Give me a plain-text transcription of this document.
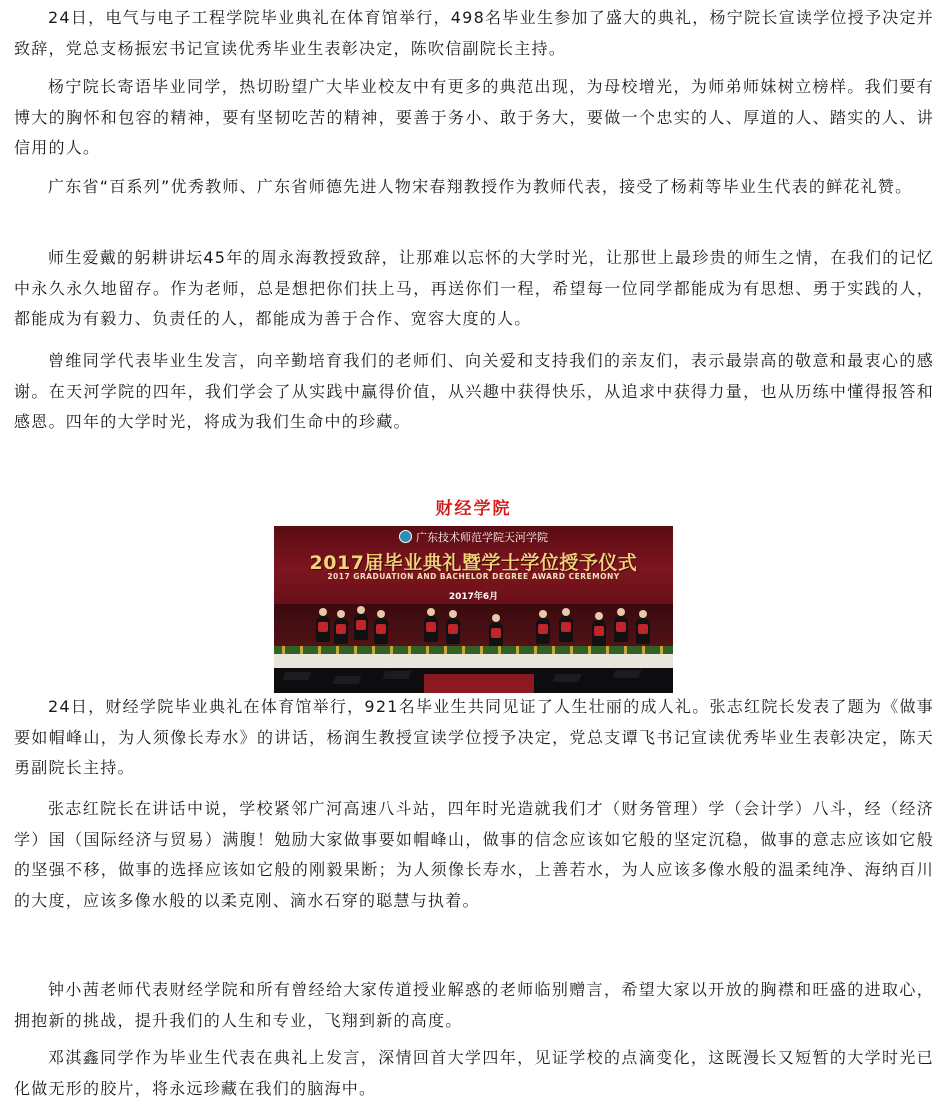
24日，电气与电子工程学院毕业典礼在体育馆举行，498名毕业生参加了盛大的典礼，杨宁院长宣读学位授予决定并致辞，党总支杨振宏书记宣读优秀毕业生表彰决定，陈吹信副院长主持。

杨宁院长寄语毕业同学，热切盼望广大毕业校友中有更多的典范出现，为母校增光，为师弟师妹树立榜样。我们要有博大的胸怀和包容的精神，要有坚韧吃苦的精神，要善于务小、敢于务大，要做一个忠实的人、厚道的人、踏实的人、讲信用的人。

广东省“百系列”优秀教师、广东省师德先进人物宋春翔教授作为教师代表，接受了杨莉等毕业生代表的鲜花礼赞。

师生爱戴的躬耕讲坛45年的周永海教授致辞，让那难以忘怀的大学时光，让那世上最珍贵的师生之情，在我们的记忆中永久永久地留存。作为老师，总是想把你们扶上马，再送你们一程，希望每一位同学都能成为有思想、勇于实践的人，都能成为有毅力、负责任的人，都能成为善于合作、宽容大度的人。

曾维同学代表毕业生发言，向辛勤培育我们的老师们、向关爱和支持我们的亲友们，表示最崇高的敬意和最衷心的感谢。在天河学院的四年，我们学会了从实践中赢得价值，从兴趣中获得快乐，从追求中获得力量，也从历练中懂得报答和感恩。四年的大学时光，将成为我们生命中的珍藏。

财经学院
广东技术师范学院天河学院
2017届毕业典礼暨学士学位授予仪式
2017 GRADUATION AND BACHELOR DEGREE AWARD CEREMONY
2017年6月

24日，财经学院毕业典礼在体育馆举行，921名毕业生共同见证了人生壮丽的成人礼。张志红院长发表了题为《做事要如帽峰山，为人须像长寿水》的讲话，杨润生教授宣读学位授予决定，党总支谭飞书记宣读优秀毕业生表彰决定，陈天勇副院长主持。

张志红院长在讲话中说，学校紧邻广河高速八斗站，四年时光造就我们才（财务管理）学（会计学）八斗，经（经济学）国（国际经济与贸易）满腹！勉励大家做事要如帽峰山，做事的信念应该如它般的坚定沉稳，做事的意志应该如它般的坚强不移，做事的选择应该如它般的刚毅果断；为人须像长寿水，上善若水，为人应该多像水般的温柔纯净、海纳百川的大度，应该多像水般的以柔克刚、滴水石穿的聪慧与执着。

钟小茜老师代表财经学院和所有曾经给大家传道授业解惑的老师临别赠言，希望大家以开放的胸襟和旺盛的进取心，拥抱新的挑战，提升我们的人生和专业，飞翔到新的高度。

邓淇鑫同学作为毕业生代表在典礼上发言，深情回首大学四年，见证学校的点滴变化，这既漫长又短暂的大学时光已化做无形的胶片，将永远珍藏在我们的脑海中。
